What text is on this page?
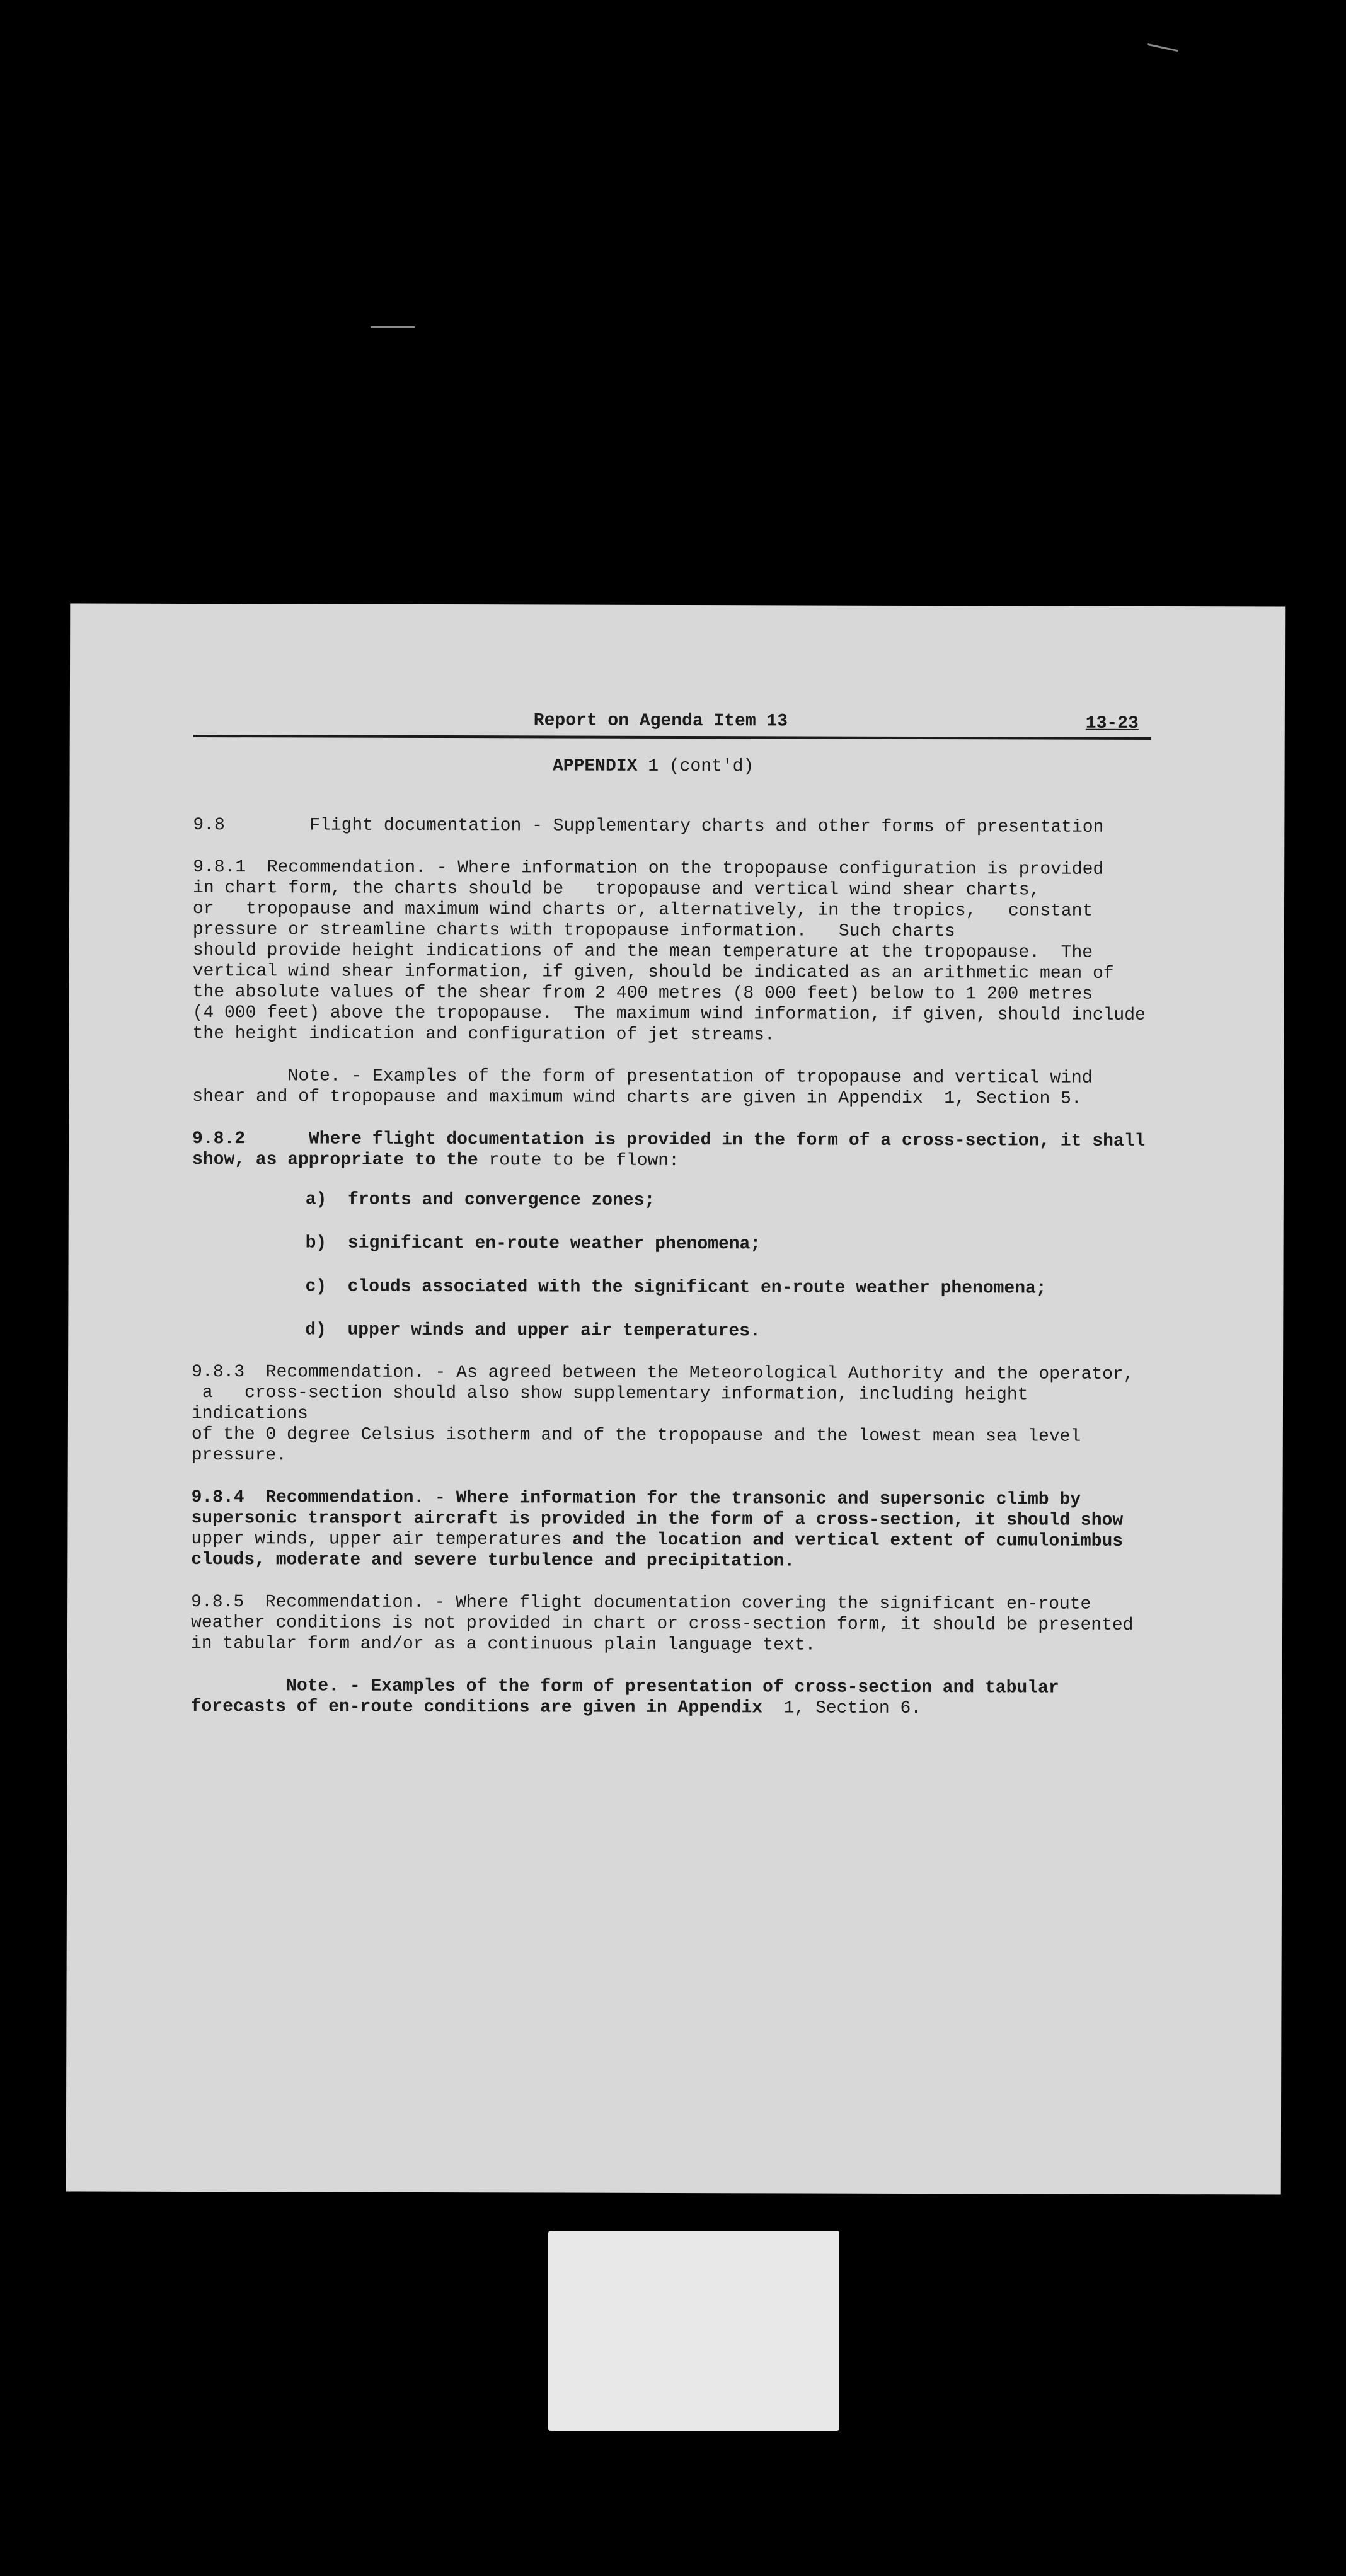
Report on Agenda Item 13	13-23
APPENDIX 1 (cont'd)
9.8	Flight documentation - Supplementary charts and other forms of presentation
9.8.1  Recommendation. - Where information on the tropopause configuration is provided
in chart form, the charts should be   tropopause and vertical wind shear charts,
or   tropopause and maximum wind charts or, alternatively, in the tropics,   constant
pressure or streamline charts with tropopause information.   Such charts
should provide height indications of and the mean temperature at the tropopause.  The
vertical wind shear information, if given, should be indicated as an arithmetic mean of
the absolute values of the shear from 2 400 metres (8 000 feet) below to 1 200 metres
(4 000 feet) above the tropopause.  The maximum wind information, if given, should include
the height indication and configuration of jet streams.
Note. - Examples of the form of presentation of tropopause and vertical wind
shear and of tropopause and maximum wind charts are given in Appendix  1, Section 5.
9.8.2      Where flight documentation is provided in the form of a cross-section, it shall
show, as appropriate to the route to be flown:
a) fronts and convergence zones;
b) significant en-route weather phenomena;
c) clouds associated with the significant en-route weather phenomena;
d) upper winds and upper air temperatures.
9.8.3  Recommendation. - As agreed between the Meteorological Authority and the operator,
a   cross-section should also show supplementary information, including height  indications
of the 0 degree Celsius isotherm and of the tropopause and the lowest mean sea level
pressure.
9.8.4  Recommendation. - Where information for the transonic and supersonic climb by
supersonic transport aircraft is provided in the form of a cross-section, it should show
upper winds, upper air temperatures and the location and vertical extent of cumulonimbus
clouds, moderate and severe turbulence and precipitation.
9.8.5  Recommendation. - Where flight documentation covering the significant en-route
weather conditions is not provided in chart or cross-section form, it should be presented
in tabular form and/or as a continuous plain language text.
Note. - Examples of the form of presentation of cross-section and tabular
forecasts of en-route conditions are given in Appendix  1, Section 6.
